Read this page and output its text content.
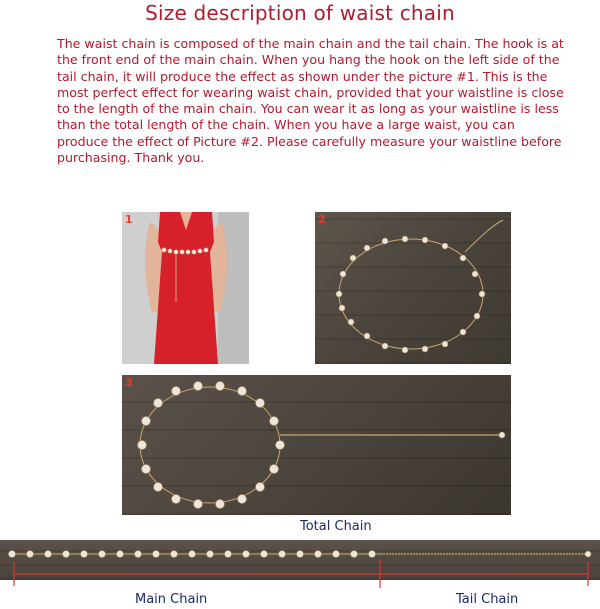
Size description of waist chain
The waist chain is composed of the main chain and the tail chain. The hook is at the front end of the main chain. When you hang the hook on the left side of the tail chain, it will produce the effect as shown under the picture #1. This is the most perfect effect for wearing waist chain, provided that your waistline is close to the length of the main chain. You can wear it as long as your waistline is less than the total length of the chain. When you have a large waist, you can produce the effect of Picture #2. Please carefully measure your waistline before purchasing. Thank you.
1	2
3
Total Chain
Main Chain	Tail Chain
